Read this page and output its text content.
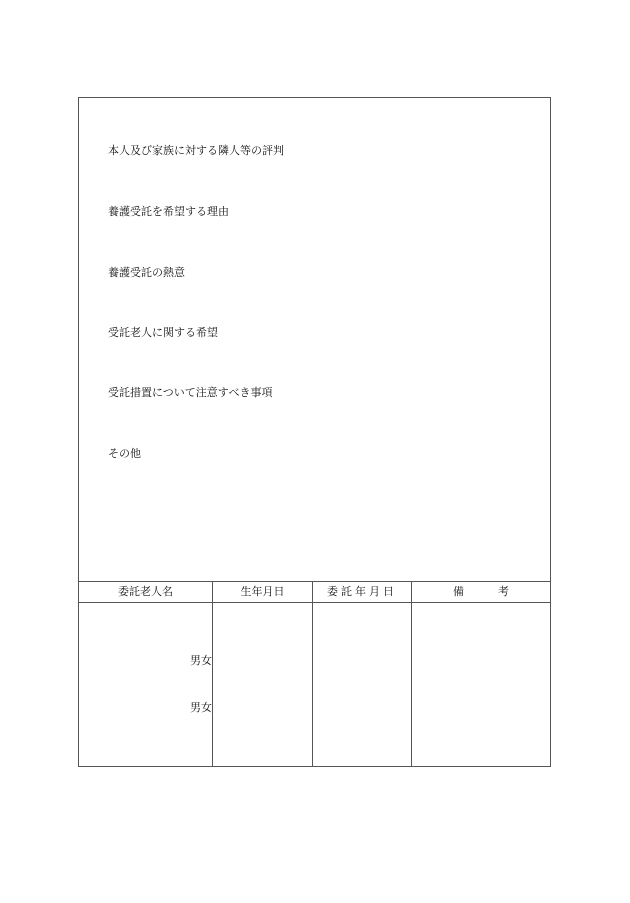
本人及び家族に対する隣人等の評判
養護受託を希望する理由
養護受託の熱意
受託老人に関する希望
受託措置について注意すべき事項
その他
委託老人名	生年月日	委託年月日	備考
男女
男女
